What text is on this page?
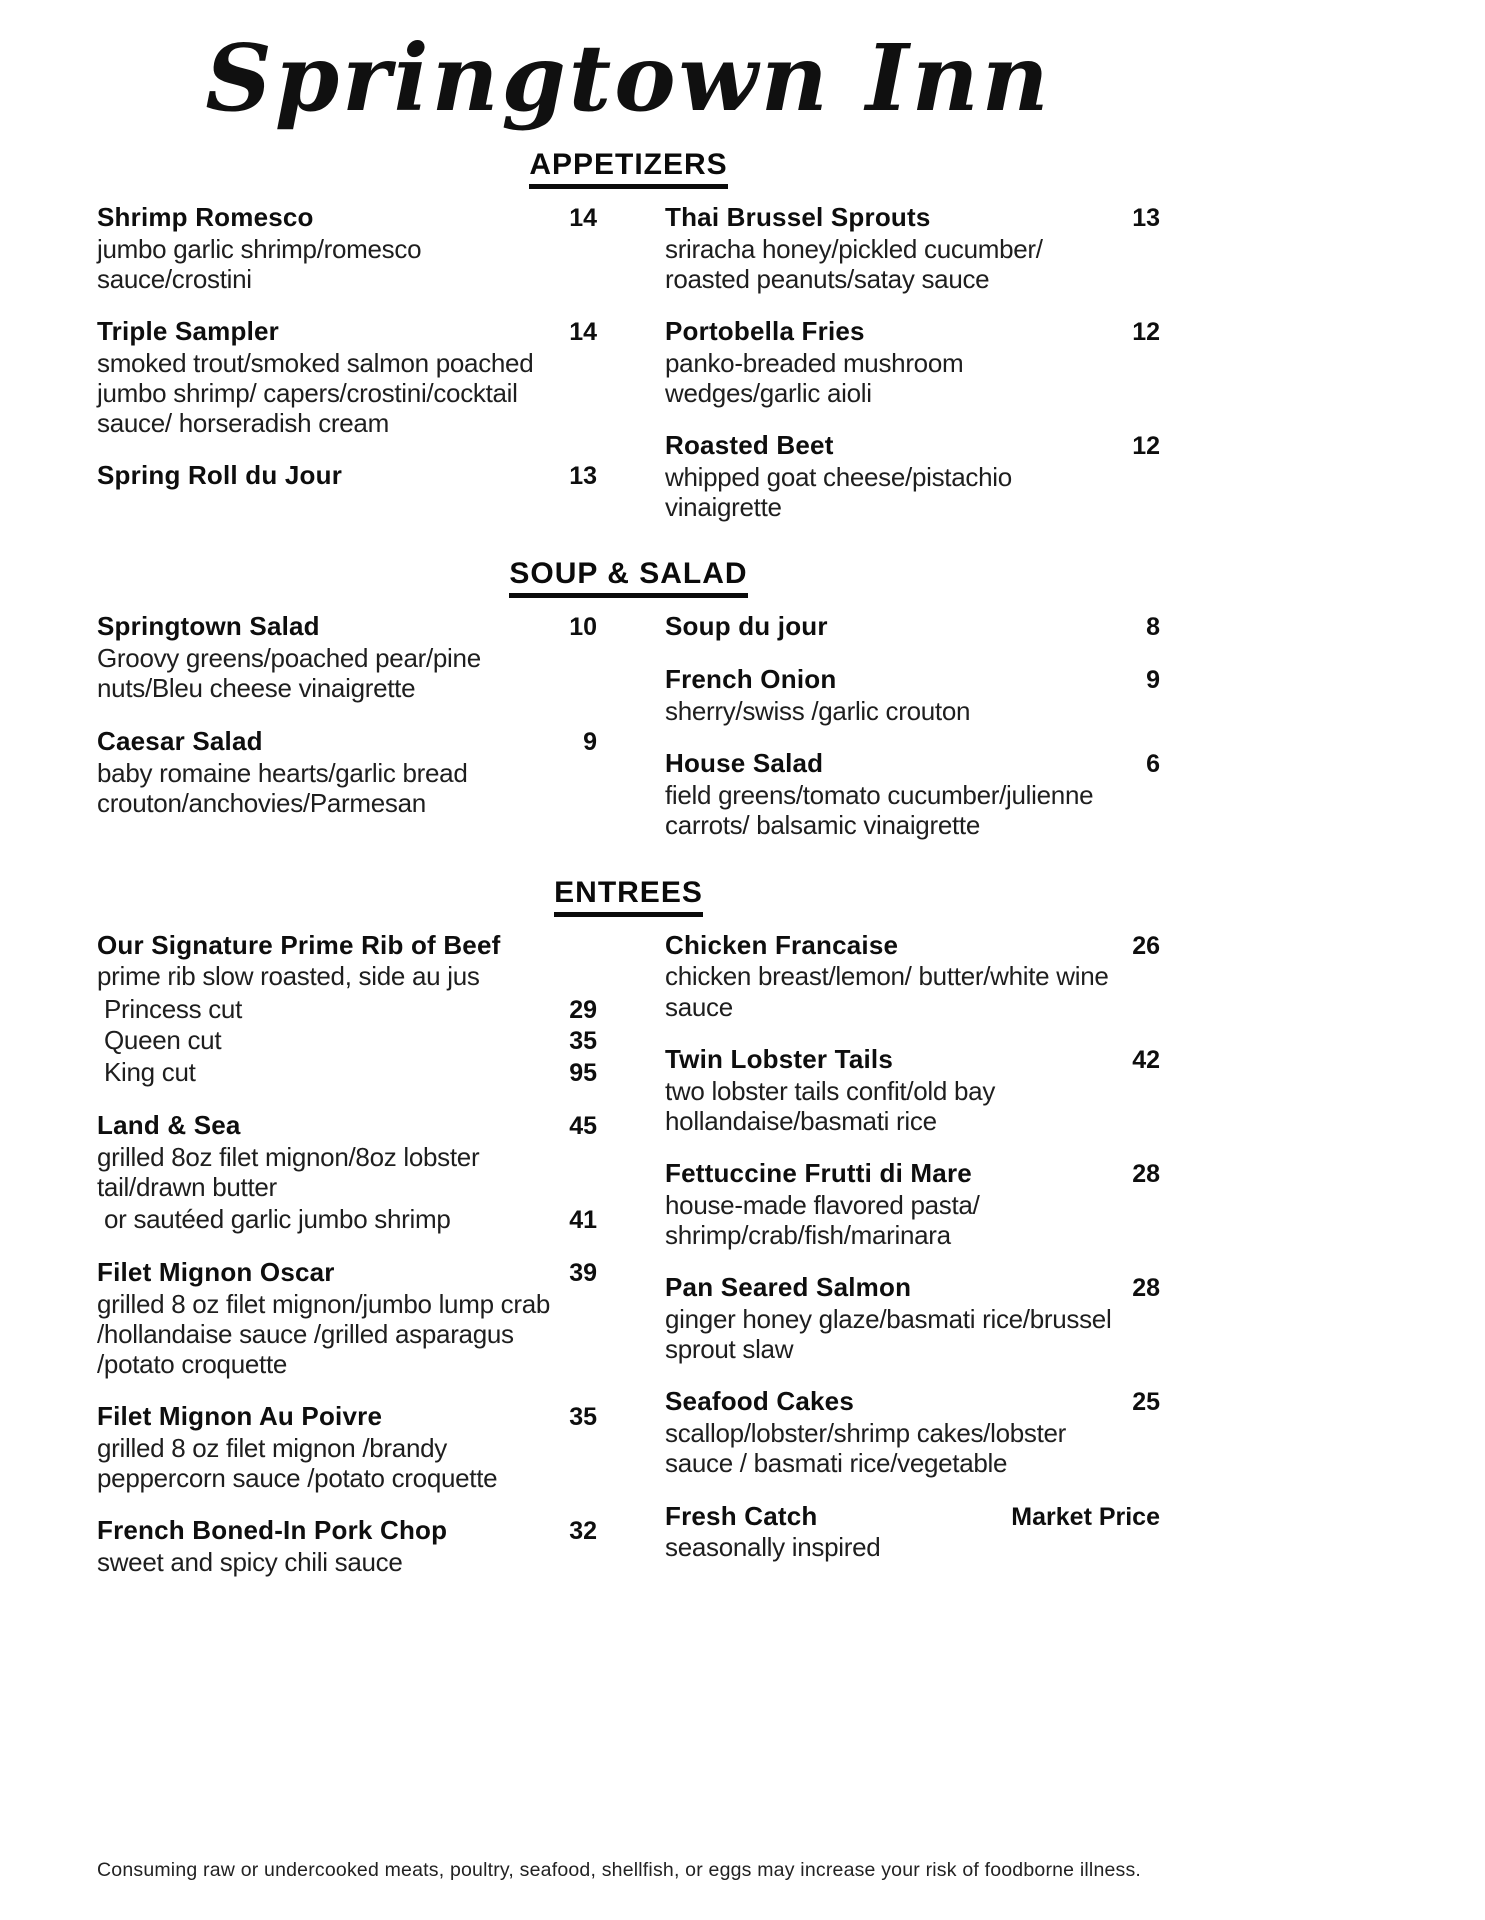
Springtown Inn
APPETIZERS
Shrimp Romesco	14
jumbo garlic shrimp/romesco sauce/crostini
Triple Sampler	14
smoked trout/smoked salmon poached jumbo shrimp/ capers/crostini/cocktail sauce/ horseradish cream
Spring Roll du Jour	13
Thai Brussel Sprouts	13
sriracha honey/pickled cucumber/ roasted peanuts/satay sauce
Portobella Fries	12
panko-breaded mushroom wedges/garlic aioli
Roasted Beet	12
whipped goat cheese/pistachio vinaigrette
SOUP & SALAD
Springtown Salad	10
Groovy greens/poached pear/pine nuts/Bleu cheese vinaigrette
Caesar Salad	9
baby romaine hearts/garlic bread crouton/anchovies/Parmesan
Soup du jour	8
French Onion	9
sherry/swiss /garlic crouton
House Salad	6
field greens/tomato cucumber/julienne carrots/ balsamic vinaigrette
ENTREES
Our Signature Prime Rib of Beef
prime rib slow roasted, side au jus
Princess cut	29
Queen cut	35
King cut	95
Land & Sea	45
grilled 8oz filet mignon/8oz lobster tail/drawn butter
or sautéed garlic jumbo shrimp	41
Filet Mignon Oscar	39
grilled 8 oz filet mignon/jumbo lump crab /hollandaise sauce /grilled asparagus /potato croquette
Filet Mignon Au Poivre	35
grilled 8 oz filet mignon /brandy peppercorn sauce /potato croquette
French Boned-In Pork Chop	32
sweet and spicy chili sauce
Chicken Francaise	26
chicken breast/lemon/ butter/white wine sauce
Twin Lobster Tails	42
two lobster tails confit/old bay hollandaise/basmati rice
Fettuccine Frutti di Mare	28
house-made flavored pasta/ shrimp/crab/fish/marinara
Pan Seared Salmon	28
ginger honey glaze/basmati rice/brussel sprout slaw
Seafood Cakes	25
scallop/lobster/shrimp cakes/lobster sauce / basmati rice/vegetable
Fresh Catch	Market Price
seasonally inspired
Consuming raw or undercooked meats, poultry, seafood, shellfish, or eggs may increase your risk of foodborne illness.
